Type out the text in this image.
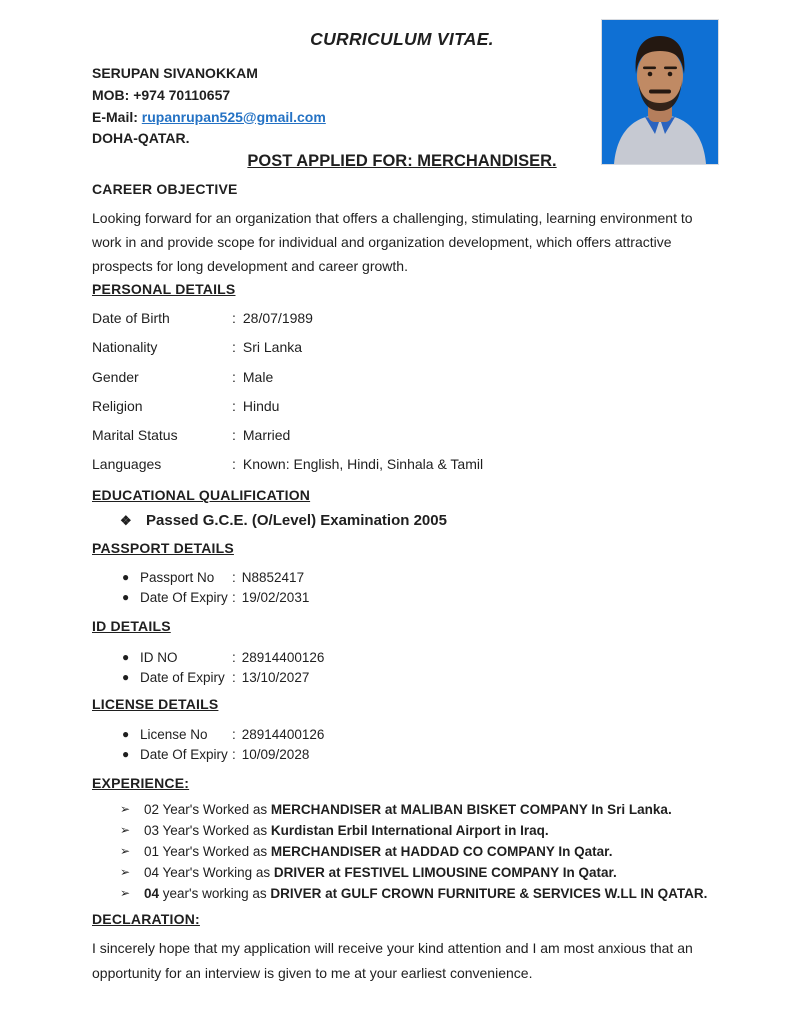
CURRICULUM VITAE.
SERUPAN SIVANOKKAM
MOB: +974 70110657
E-Mail: rupanrupan525@gmail.com
DOHA-QATAR.
POST APPLIED FOR: MERCHANDISER.
CAREER OBJECTIVE

Looking forward for an organization that offers a challenging, stimulating, learning environment to work in and provide scope for individual and organization development, which offers attractive prospects for long development and career growth.

PERSONAL DETAILS
Date of Birth	: 28/07/1989
Nationality	: Sri Lanka
Gender	: Male
Religion	: Hindu
Marital Status	: Married
Languages	: Known: English, Hindi, Sinhala & Tamil
EDUCATIONAL QUALIFICATION
❖ Passed G.C.E. (O/Level) Examination 2005
PASSPORT DETAILS
● Passport No	: N8852417
● Date Of Expiry : 19/02/2031
ID DETAILS
● ID NO	: 28914400126
● Date of Expiry : 13/10/2027
LICENSE DETAILS
● License No	: 28914400126
● Date Of Expiry : 10/09/2028
EXPERIENCE:
➢	02 Year's Worked as MERCHANDISER at MALIBAN BISKET COMPANY In Sri Lanka.
➢	03 Year's Worked as Kurdistan Erbil International Airport in Iraq.
➢	01 Year's Worked as MERCHANDISER at HADDAD CO COMPANY In Qatar.
➢	04 Year's Working as DRIVER at FESTIVEL LIMOUSINE COMPANY In Qatar.
➢	04 year's working as DRIVER at GULF CROWN FURNITURE & SERVICES W.LL IN QATAR.
DECLARATION:

I sincerely hope that my application will receive your kind attention and I am most anxious that an opportunity for an interview is given to me at your earliest convenience.
